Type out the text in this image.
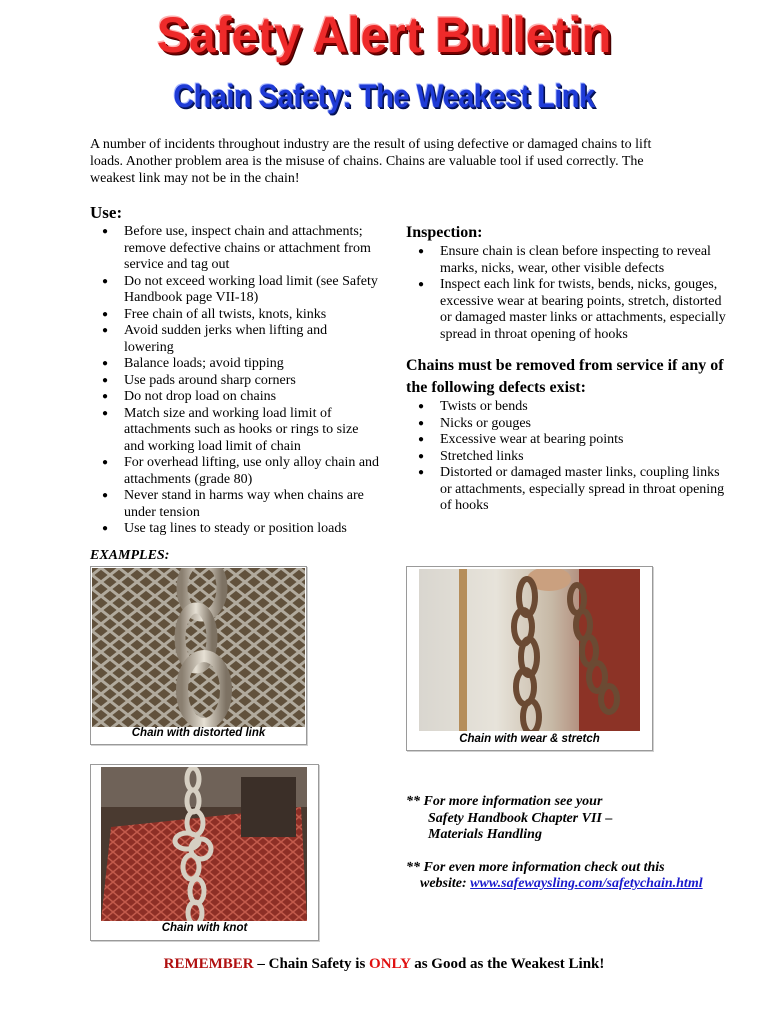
Safety Alert Bulletin
Chain Safety: The Weakest Link
A number of incidents throughout industry are the result of using defective or damaged chains to lift loads. Another problem area is the misuse of chains. Chains are valuable tool if used correctly. The weakest link may not be in the chain!
Use:
● Before use, inspect chain and attachments; remove defective chains or attachment from service and tag out
● Do not exceed working load limit (see Safety Handbook page VII-18)
● Free chain of all twists, knots, kinks
● Avoid sudden jerks when lifting and lowering
● Balance loads; avoid tipping
● Use pads around sharp corners
● Do not drop load on chains
● Match size and working load limit of attachments such as hooks or rings to size and working load limit of chain
● For overhead lifting, use only alloy chain and attachments (grade 80)
● Never stand in harms way when chains are under tension
● Use tag lines to steady or position loads
Inspection:
● Ensure chain is clean before inspecting to reveal marks, nicks, wear, other visible defects
● Inspect each link for twists, bends, nicks, gouges, excessive wear at bearing points, stretch, distorted or damaged master links or attachments, especially spread in throat opening of hooks
Chains must be removed from service if any of the following defects exist:
● Twists or bends
● Nicks or gouges
● Excessive wear at bearing points
● Stretched links
● Distorted or damaged master links, coupling links or attachments, especially spread in throat opening of hooks
EXAMPLES:
Chain with distorted link	Chain with wear & stretch
Chain with knot

** For more information see your

Safety Handbook Chapter VII –

Materials Handling

** For even more information check out this

website: www.safewaysling.com/safetychain.html

REMEMBER – Chain Safety is ONLY as Good as the Weakest Link!
